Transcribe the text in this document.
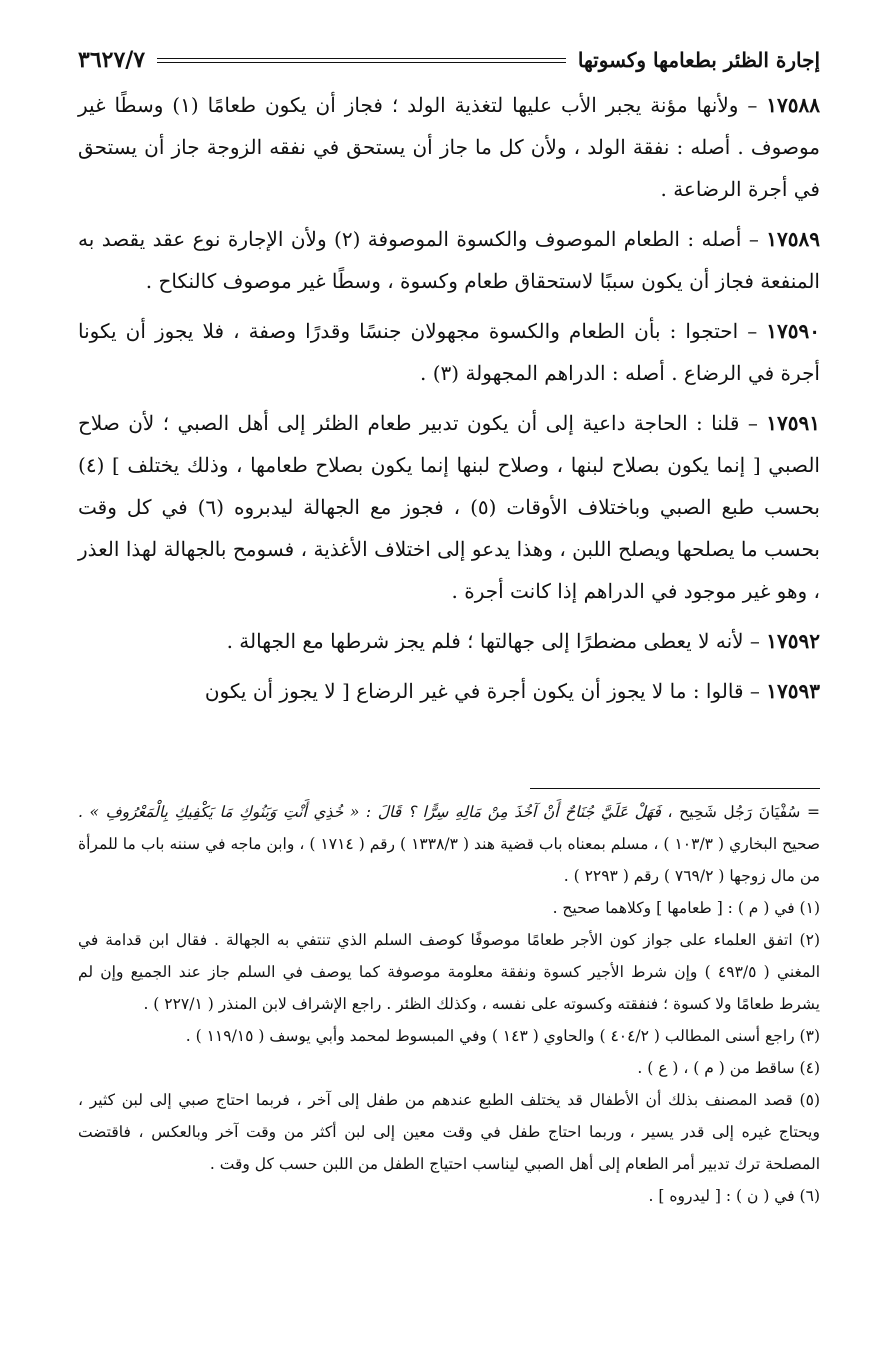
إجارة الظئر بطعامها وكسوتها
٣٦٢٧/٧

١٧٥٨٨ – ولأنها مؤنة يجبر الأب عليها لتغذية الولد ؛ فجاز أن يكون طعامًا (١) وسطًا غير موصوف . أصله : نفقة الولد ، ولأن كل ما جاز أن يستحق في نفقه الزوجة جاز أن يستحق في أجرة الرضاعة .

١٧٥٨٩ – أصله : الطعام الموصوف والكسوة الموصوفة (٢) ولأن الإجارة نوع عقد يقصد به المنفعة فجاز أن يكون سببًا لاستحقاق طعام وكسوة ، وسطًا غير موصوف كالنكاح .

١٧٥٩٠ – احتجوا : بأن الطعام والكسوة مجهولان جنسًا وقدرًا وصفة ، فلا يجوز أن يكونا أجرة في الرضاع . أصله : الدراهم المجهولة (٣) .

١٧٥٩١ – قلنا : الحاجة داعية إلى أن يكون تدبير طعام الظئر إلى أهل الصبي ؛ لأن صلاح الصبي [ إنما يكون بصلاح لبنها ، وصلاح لبنها إنما يكون بصلاح طعامها ، وذلك يختلف ] (٤) بحسب طبع الصبي وباختلاف الأوقات (٥) ، فجوز مع الجهالة ليدبروه (٦) في كل وقت بحسب ما يصلحها ويصلح اللبن ، وهذا يدعو إلى اختلاف الأغذية ، فسومح بالجهالة لهذا العذر ، وهو غير موجود في الدراهم إذا كانت أجرة .

١٧٥٩٢ – لأنه لا يعطى مضطرًا إلى جهالتها ؛ فلم يجز شرطها مع الجهالة .

١٧٥٩٣ – قالوا : ما لا يجوز أن يكون أجرة في غير الرضاع [ لا يجوز أن يكون

= سُفْيَانَ رَجُل شَحِيح ، فَهَلْ عَلَيَّ جُنَاحٌ أَنْ آخُذَ مِنْ مَالِهِ سِرًّا ؟ قَالَ : « خُذِي أَنْتِ وَبَنُوكِ مَا يَكْفِيكِ بِالْمَعْرُوفِ » . صحيح البخاري ( ١٠٣/٣ ) ، مسلم بمعناه باب قضية هند ( ١٣٣٨/٣ ) رقم ( ١٧١٤ ) ، وابن ماجه في سننه باب ما للمرأة من مال زوجها ( ٧٦٩/٢ ) رقم ( ٢٢٩٣ ) .

(١) في ( م ) : [ طعامها ] وكلاهما صحيح .

(٢) اتفق العلماء على جواز كون الأجر طعامًا موصوفًا كوصف السلم الذي تنتفي به الجهالة . فقال ابن قدامة في المغني ( ٤٩٣/٥ ) وإن شرط الأجير كسوة ونفقة معلومة موصوفة كما يوصف في السلم جاز عند الجميع وإن لم يشرط طعامًا ولا كسوة ؛ فنفقته وكسوته على نفسه ، وكذلك الظئر . راجع الإشراف لابن المنذر ( ٢٢٧/١ ) .

(٣) راجع أسنى المطالب ( ٤٠٤/٢ ) والحاوي ( ١٤٣ ) وفي المبسوط لمحمد وأبي يوسف ( ١١٩/١٥ ) .

(٤) ساقط من ( م ) ، ( ع ) .

(٥) قصد المصنف بذلك أن الأطفال قد يختلف الطبع عندهم من طفل إلى آخر ، فربما احتاج صبي إلى لبن كثير ، ويحتاج غيره إلى قدر يسير ، وربما احتاج طفل في وقت معين إلى لبن أكثر من وقت آخر وبالعكس ، فاقتضت المصلحة ترك تدبير أمر الطعام إلى أهل الصبي ليناسب احتياج الطفل من اللبن حسب كل وقت .

(٦) في ( ن ) : [ ليدروه ] .
